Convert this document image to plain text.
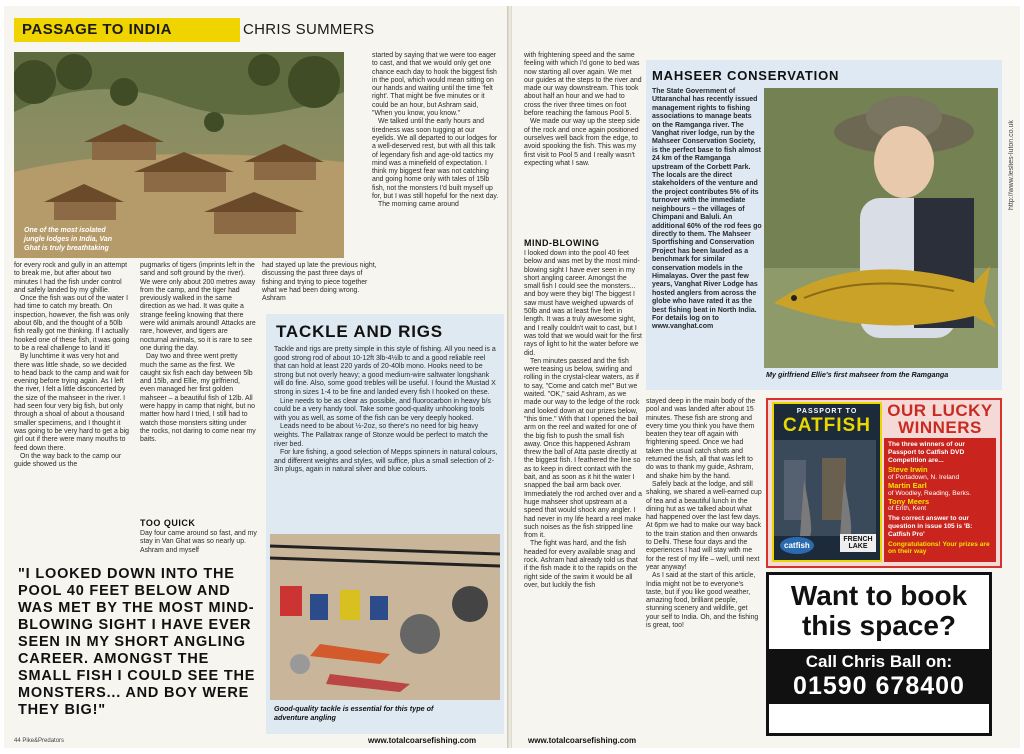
PASSAGE TO INDIA	CHRIS SUMMERS
One of the most isolated
jungle lodges in India, Van
Ghat is truly breathtaking

started by saying that we were too eager to cast, and that we would only get one chance each day to hook the biggest fish in the pool, which would mean sitting on our hands and waiting until the time 'felt right'. That might be five minutes or it could be an hour, but Ashram said, "When you know, you know."

We talked until the early hours and tiredness was soon tugging at our eyelids. We all departed to our lodges for a well-deserved rest, but with all this talk of legendary fish and age-old tactics my mind was a minefield of expectation. I think my biggest fear was not catching and going home only with tales of 15lb fish, not the monsters I'd built myself up for, but I was still hopeful for the next day.

The morning came around

for every rock and gully in an attempt to break me, but after about two minutes I had the fish under control and safely landed by my ghillie.

Once the fish was out of the water I had time to catch my breath. On inspection, however, the fish was only about 6lb, and the thought of a 50lb fish really got me thinking. If I actually hooked one of these fish, it was going to be a real challenge to land it!

By lunchtime it was very hot and there was little shade, so we decided to head back to the camp and wait for evening before trying again. As I left the river, I felt a little disconcerted by the size of the mahseer in the river. I had seen four very big fish, but only through a shoal of about a thousand smaller specimens, and I thought it was going to be very hard to get a big girl out if there were many mouths to feed down there.

On the way back to the camp our guide showed us the

pugmarks of tigers (imprints left in the sand and soft ground by the river). We were only about 200 metres away from the camp, and the tiger had previously walked in the same direction as we had. It was quite a strange feeling knowing that there were wild animals around! Attacks are rare, however, and tigers are nocturnal animals, so it is rare to see one during the day.

Day two and three went pretty much the same as the first. We caught six fish each day between 5lb and 15lb, and Ellie, my girlfriend, even managed her first golden mahseer – a beautiful fish of 12lb. All were happy in camp that night, but no matter how hard I tried, I still had to watch those monsters sitting under the rocks, not daring to come near my baits.

had stayed up late the previous night, discussing the past three days of fishing and trying to piece together what we had been doing wrong. Ashram

TACKLE AND RIGS

Tackle and rigs are pretty simple in this style of fishing. All you need is a good strong rod of about 10-12ft 3lb-4½lb tc and a good reliable reel that can hold at least 220 yards of 20-40lb mono. Hooks need to be strong but not overly heavy; a good medium-wire saltwater longshank will do fine. Also, some good trebles will be useful. I found the Mustad X strong in sizes 1-4 to be fine and landed every fish I hooked on these.

Line needs to be as clear as possible, and fluorocarbon in heavy b/s could be a very handy tool. Take some good-quality unhooking tools with you as well, as some of the fish can be very deeply hooked.

Leads need to be about ½-2oz, so there's no need for big heavy weights. The Pallatrax range of Stonze would be perfect to match the river bed.

For lure fishing, a good selection of Mepps spinners in natural colours, and different weights and styles, will suffice, plus a small selection of 2-3in plugs, again in natural silver and blue colours.

Good-quality tackle is essential for this type of
adventure angling
TOO QUICK
Day four came around so fast, and my stay in Van Ghat was so nearly up. Ashram and myself
"I LOOKED DOWN INTO THE POOL 40 FEET BELOW AND WAS MET BY THE MOST MIND-BLOWING SIGHT I HAVE EVER SEEN IN MY SHORT ANGLING CAREER. AMONGST THE SMALL FISH I COULD SEE THE MONSTERS... AND BOY WERE THEY BIG!"
44 Pike&Predators	www.totalcoarsefishing.com

with frightening speed and the same feeling with which I'd gone to bed was now starting all over again. We met our guides at the steps to the river and made our way downstream. This took about half an hour and we had to cross the river three times on foot before reaching the famous Pool 5.

We made our way up the steep side of the rock and once again positioned ourselves well back from the edge, to avoid spooking the fish. This was my first visit to Pool 5 and I really wasn't expecting what I saw.

MIND-BLOWING

I looked down into the pool 40 feet below and was met by the most mind-blowing sight I have ever seen in my short angling career. Amongst the small fish I could see the monsters... and boy were they big! The biggest I saw must have weighed upwards of 50lb and was at least five feet in length. It was a truly awesome sight, and I really couldn't wait to cast, but I was told that we would wait for the first rays of light to hit the water before we did.

Ten minutes passed and the fish were teasing us below, swirling and rolling in the crystal-clear waters, as if to say, "Come and catch me!" But we waited. "OK," said Ashram, as we made our way to the ledge of the rock and looked down at our prizes below, "this time." With that I opened the bail arm on the reel and waited for one of the big fish to push the small fish away. Once this happened Ashram threw the ball of Atta paste directly at the biggest fish. I feathered the line so as to keep in direct contact with the bait, and as soon as it hit the water I snapped the bail arm back over. Immediately the rod arched over and a huge mahseer shot upstream at a speed that would shock any angler. I had never in my life heard a reel make such noises as the fish stripped line from it.

The fight was hard, and the fish headed for every available snag and rock. Ashram had already told us that if the fish made it to the rapids on the right side of the swim it would be all over, but luckily the fish

stayed deep in the main body of the pool and was landed after about 15 minutes. These fish are strong and every time you think you have them beaten they tear off again with frightening speed. Once we had taken the usual catch shots and returned the fish, all that was left to do was to thank my guide, Ashram, and shake him by the hand.

Safely back at the lodge, and still shaking, we shared a well-earned cup of tea and a beautiful lunch in the dining hut as we talked about what had happened over the last few days. At 6pm we had to make our way back to the train station and then onwards to Delhi. These four days and the experiences I had will stay with me for the rest of my life – well, until next year anyway!

As I said at the start of this article, India might not be to everyone's taste, but if you like good weather, amazing food, brilliant people, stunning scenery and wildlife, get your self to India. Oh, and the fishing is great, too!

MAHSEER CONSERVATION
The State Government of Uttaranchal has recently issued management rights to fishing associations to manage beats on the Ramganga river. The Vanghat river lodge, run by the Mahseer Conservation Society, is the perfect base to fish almost 24 km of the Ramganga upstream of the Corbett Park. The locals are the direct stakeholders of the venture and the project contributes 5% of its turnover with the immediate neighbours – the villages of Chimpani and Baluli. An additional 60% of the rod fees go directly to them. The Mahseer Sportfishing and Conservation Project has been lauded as a benchmark for similar conservation models in the Himalayas. Over the past few years, Vanghat River Lodge has hosted anglers from across the globe who have rated it as the best fishing beat in North India. For details log on to www.vanghat.com
My girlfriend Ellie's first mahseer from the Ramganga
PASSPORT TO
CATFISH
catfish
FRENCH LAKE
OUR LUCKY
WINNERS
The three winners of our Passport to Catfish DVD Competition are...
Steve Irwin
of Portadown, N. Ireland
Martin Earl
of Woodley, Reading, Berks.
Tony Meers
of Erith, Kent
The correct answer to our question in issue 105 is 'B: Catfish Pro'
Congratulations! Your prizes are on their way
Want to book
this space?
Call Chris Ball on:
01590 678400
www.totalcoarsefishing.com
http://www.leslies-luton.co.uk
